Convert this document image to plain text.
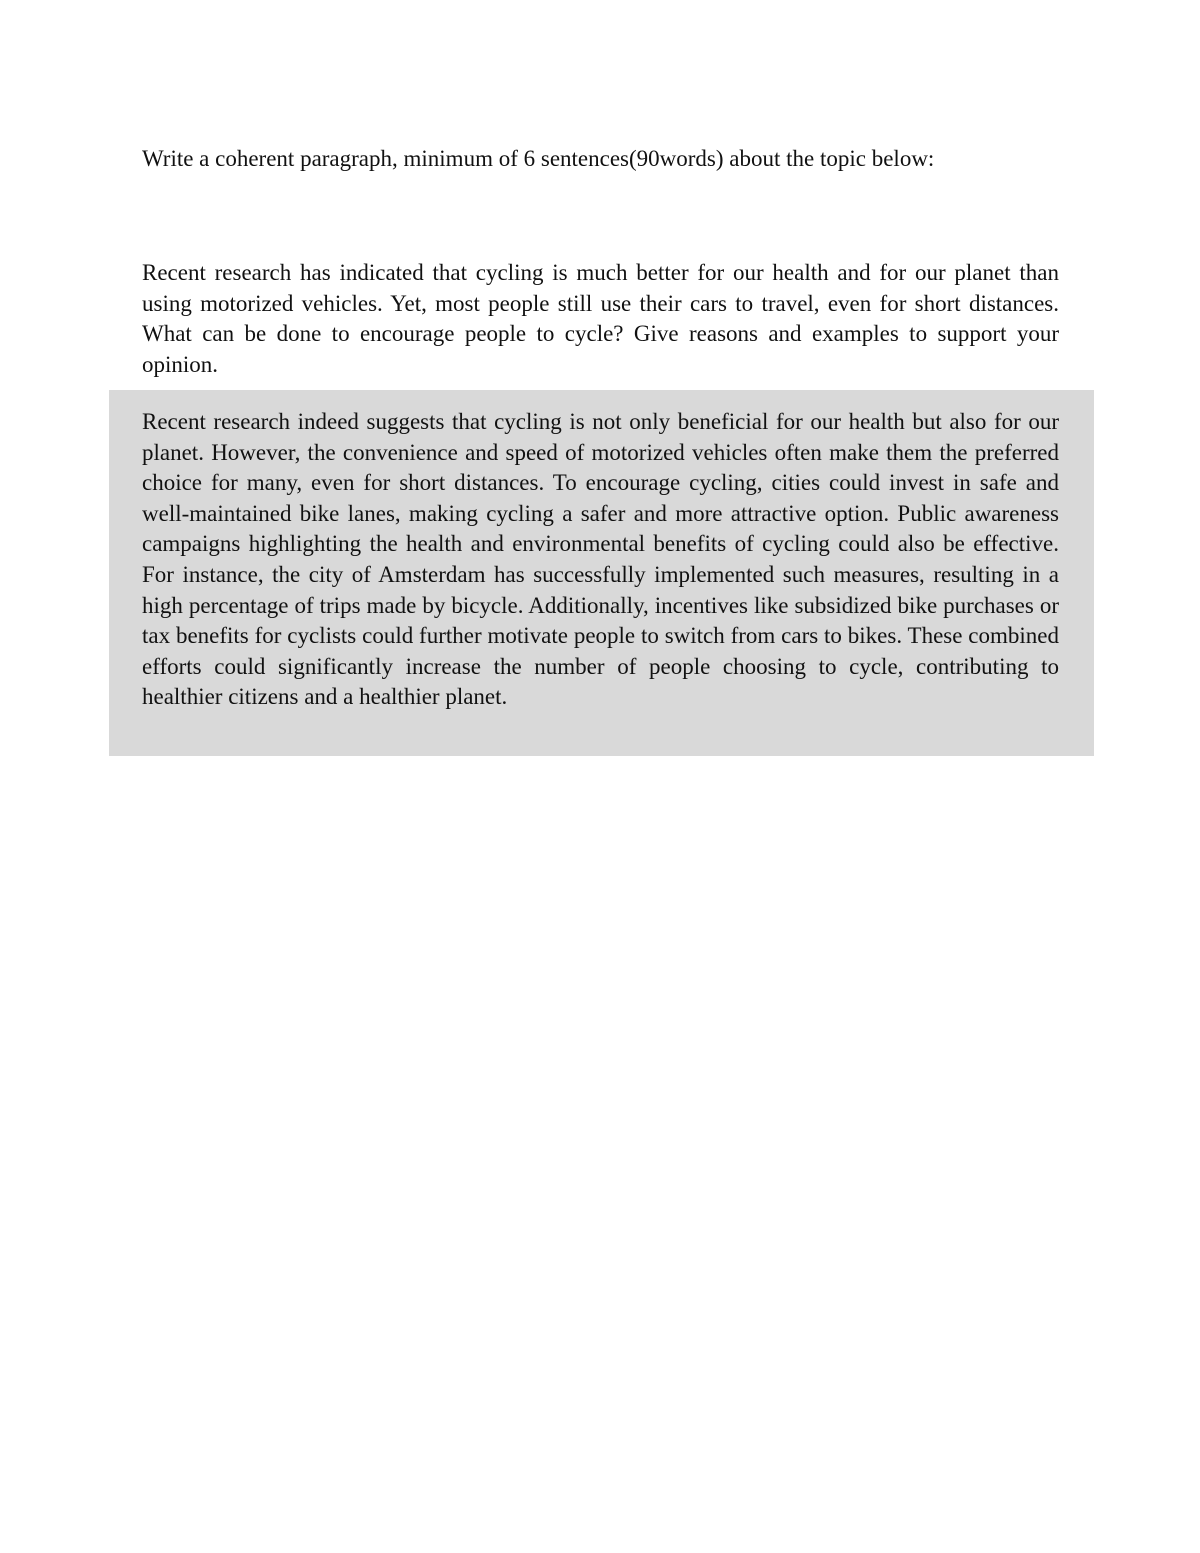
Write a coherent paragraph, minimum of 6 sentences(90words) about the topic below:

Recent research has indicated that cycling is much better for our health and for our planet than using motorized vehicles. Yet, most people still use their cars to travel, even for short distances. What can be done to encourage people to cycle? Give reasons and examples to support your opinion.

Recent research indeed suggests that cycling is not only beneficial for our health but also for our planet. However, the convenience and speed of motorized vehicles often make them the preferred choice for many, even for short distances. To encourage cycling, cities could invest in safe and well-maintained bike lanes, making cycling a safer and more attractive option. Public awareness campaigns highlighting the health and environmental benefits of cycling could also be effective. For instance, the city of Amsterdam has successfully implemented such measures, resulting in a high percentage of trips made by bicycle. Additionally, incentives like subsidized bike purchases or tax benefits for cyclists could further motivate people to switch from cars to bikes. These combined efforts could significantly increase the number of people choosing to cycle, contributing to healthier citizens and a healthier planet.
